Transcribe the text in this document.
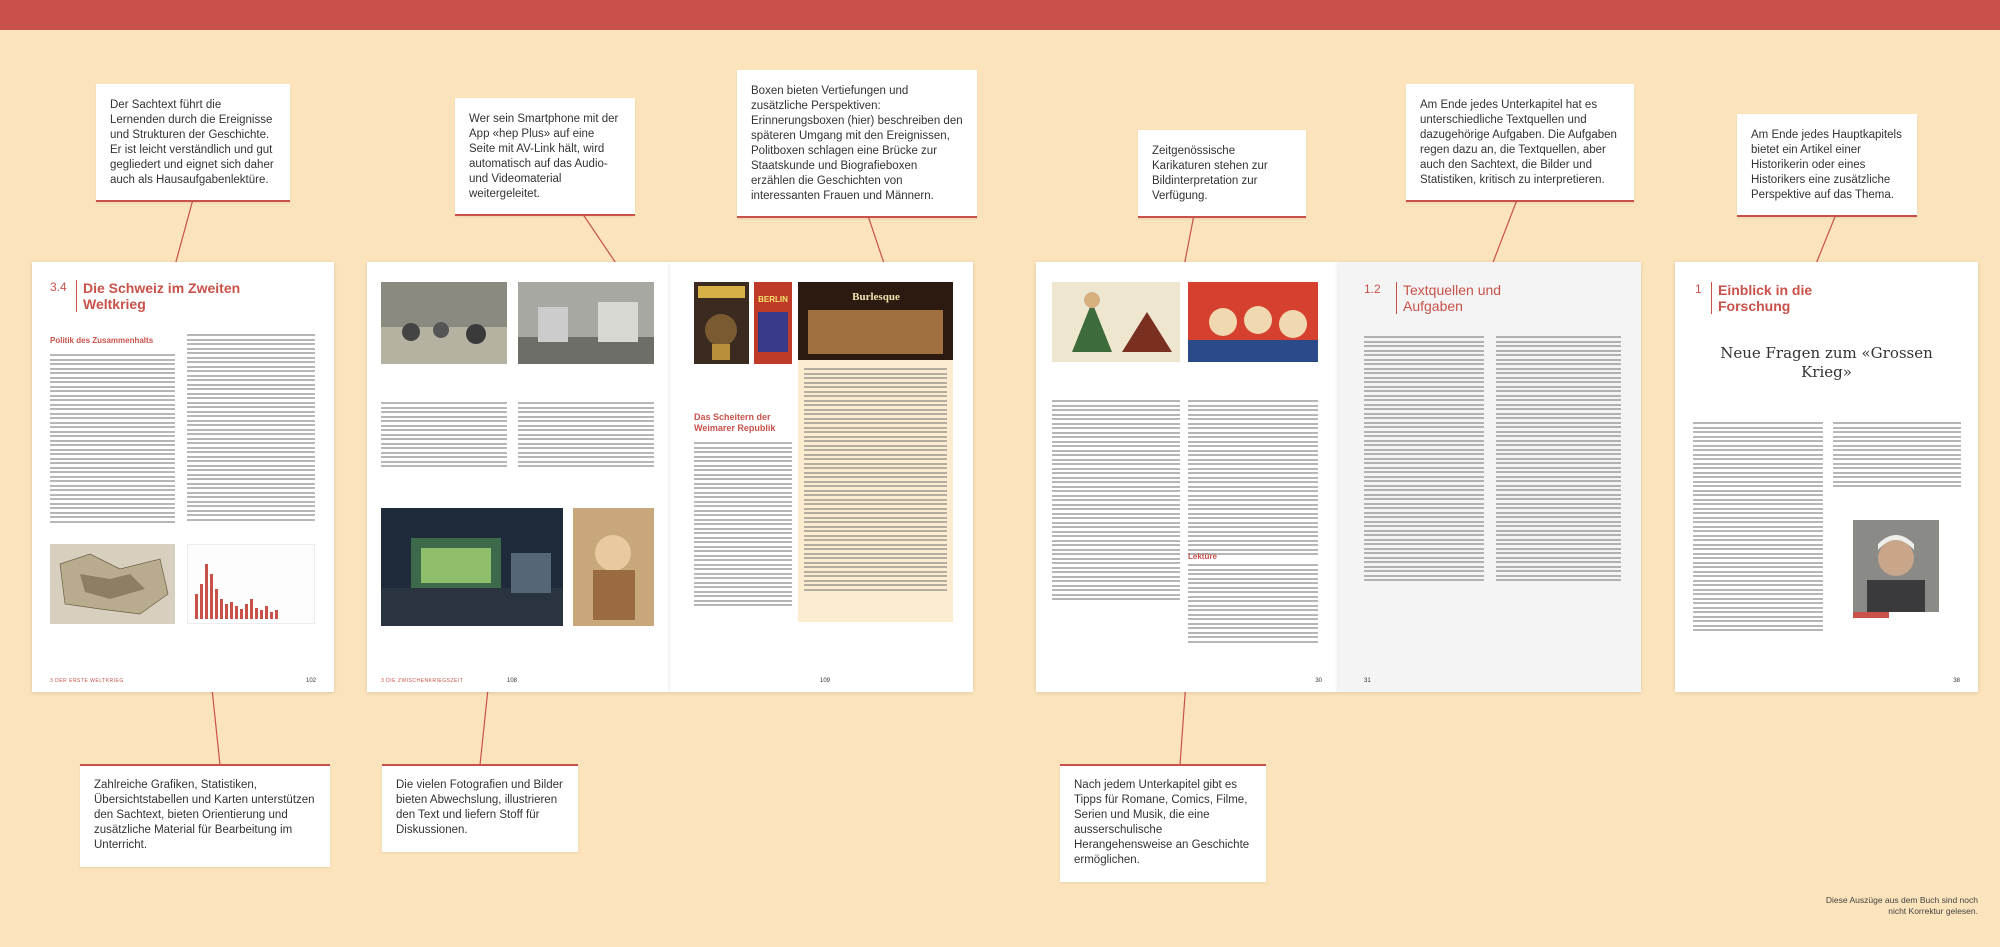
Der Sachtext führt die Lernenden durch die Ereignisse und Strukturen der Geschichte. Er ist leicht verständlich und gut gegliedert und eignet sich daher auch als Hausaufgabenlektüre.
Wer sein Smartphone mit der App «hep Plus» auf eine Seite mit AV-Link hält, wird automatisch auf das Audio- und Videomaterial weitergeleitet.
Boxen bieten Vertiefungen und zusätzliche Perspektiven: Erinnerungsboxen (hier) beschreiben den späteren Umgang mit den Ereignissen, Politboxen schlagen eine Brücke zur Staatskunde und Biografieboxen erzählen die Geschichten von interessanten Frauen und Männern.
Zeitgenössische Karikaturen stehen zur Bildinterpretation zur Verfügung.
Am Ende jedes Unterkapitel hat es unterschiedliche Textquellen und dazugehörige Aufgaben. Die Aufgaben regen dazu an, die Textquellen, aber auch den Sachtext, die Bilder und Statistiken, kritisch zu interpretieren.
Am Ende jedes Hauptkapitels bietet ein Artikel einer Historikerin oder eines Historikers eine zusätzliche Perspektive auf das Thema.
3.4	Die Schweiz im Zweiten Weltkrieg
Politik des Zusammenhalts
3 DER ERSTE WELTKRIEG	102	3 DIE ZWISCHENKRIEGSZEIT	108
BERLIN	Burlesque
Das Scheitern der Weimarer Republik
109
Lektüre
30
1.2	Textquellen und Aufgaben
31
1	Einblick in die Forschung
Neue Fragen zum «Grossen Krieg»
38
Zahlreiche Grafiken, Statistiken, Übersichtstabellen und Karten unterstützen den Sachtext, bieten Orientierung und zusätzliche Material für Bearbeitung im Unterricht.
Die vielen Fotografien und Bilder bieten Abwechslung, illustrieren den Text und liefern Stoff für Diskussionen.
Nach jedem Unterkapitel gibt es Tipps für Romane, Comics, Filme, Serien und Musik, die eine ausserschulische Herangehensweise an Geschichte ermöglichen.
Diese Auszüge aus dem Buch sind noch nicht Korrektur gelesen.
